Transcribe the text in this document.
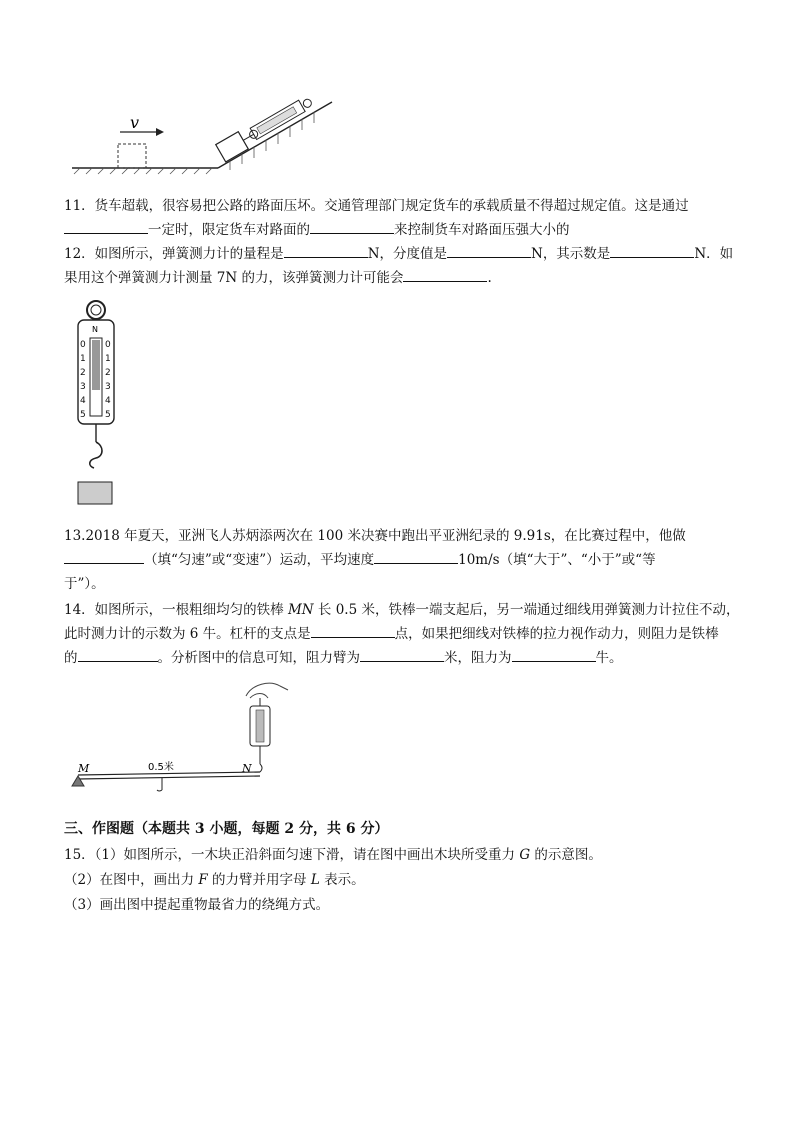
v
11．货车超载，很容易把公路的路面压坏。交通管理部门规定货车的承载质量不得超过规定值。这是通过
一定时，限定货车对路面的	来控制货车对路面压强大小的
12．如图所示，弹簧测力计的量程是	N，分度值是	N，其示数是	N．如
果用这个弹簧测力计测量 7N 的力，该弹簧测力计可能会	.
N
0
1
2
3
4
5
0
1
2
3
4
5
13.2018 年夏天，亚洲飞人苏炳添两次在 100 米决赛中跑出平亚洲纪录的 9.91s，在比赛过程中，他做
（填“匀速”或“变速”）运动，平均速度	10m/s（填“大于”、“小于”或“等
于”）。
14．如图所示，一根粗细均匀的铁棒 MN 长 0.5 米，铁棒一端支起后，另一端通过细线用弹簧测力计拉住不动，
此时测力计的示数为 6 牛。杠杆的支点是	点，如果把细线对铁棒的拉力视作动力，则阻力是铁棒
的	。分析图中的信息可知，阻力臂为	米，阻力为	牛。
M	N
0.5米
三、作图题（本题共 3 小题，每题 2 分，共 6 分）
15．（1）如图所示，一木块正沿斜面匀速下滑，请在图中画出木块所受重力 G 的示意图。
（2）在图中，画出力 F 的力臂并用字母 L 表示。
（3）画出图中提起重物最省力的绕绳方式。
